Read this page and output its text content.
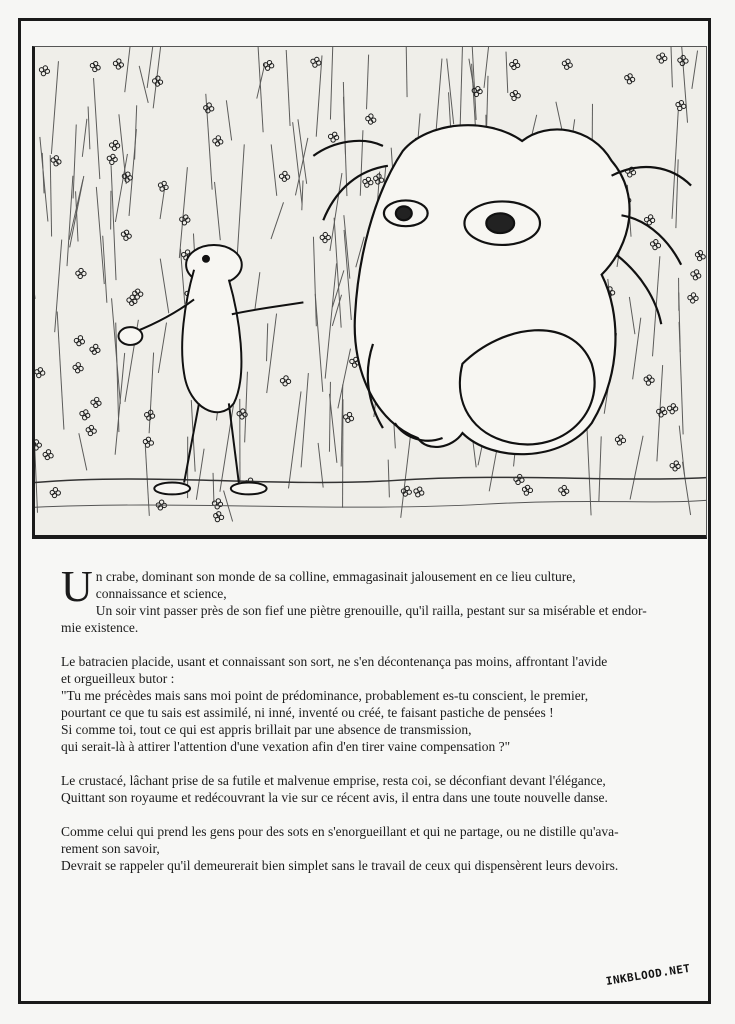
U n crabe, dominant son monde de sa colline, emmagasinait jalousement en ce lieu culture,
connaissance et science,
Un soir vint passer près de son fief une piètre grenouille, qu'il railla, pestant sur sa misérable et endor-
mie existence.
Le batracien placide, usant et connaissant son sort, ne s'en décontenança pas moins, affrontant l'avide
et orgueilleux butor :
"Tu me précèdes mais sans moi point de prédominance, probablement es-tu conscient, le premier,
pourtant ce que tu sais est assimilé, ni inné, inventé ou créé, te faisant pastiche de pensées !
Si comme toi, tout ce qui est appris brillait par une absence de transmission,
qui serait-là à attirer l'attention d'une vexation afin d'en tirer vaine compensation ?"
Le crustacé, lâchant prise de sa futile et malvenue emprise, resta coi, se déconfiant devant l'élégance,
Quittant son royaume et redécouvrant la vie sur ce récent avis, il entra dans une toute nouvelle danse.
Comme celui qui prend les gens pour des sots en s'enorgueillant et qui ne partage, ou ne distille qu'ava-
rement son savoir,
Devrait se rappeler qu'il demeurerait bien simplet sans le travail de ceux qui dispensèrent leurs devoirs.
INKBLOOD.NET
